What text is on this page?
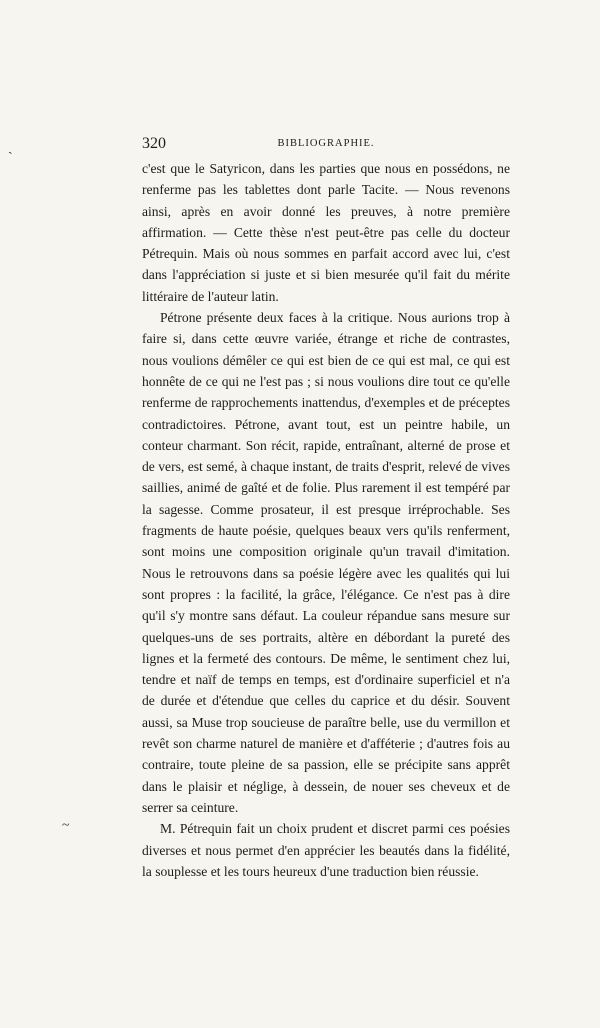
320	BIBLIOGRAPHIE.

c'est que le Satyricon, dans les parties que nous en possédons, ne renferme pas les tablettes dont parle Tacite. — Nous revenons ainsi, après en avoir donné les preuves, à notre première affirmation. — Cette thèse n'est peut-être pas celle du docteur Pétrequin. Mais où nous sommes en parfait accord avec lui, c'est dans l'appréciation si juste et si bien mesurée qu'il fait du mérite littéraire de l'auteur latin.

Pétrone présente deux faces à la critique. Nous aurions trop à faire si, dans cette œuvre variée, étrange et riche de contrastes, nous voulions démêler ce qui est bien de ce qui est mal, ce qui est honnête de ce qui ne l'est pas ; si nous voulions dire tout ce qu'elle renferme de rapprochements inattendus, d'exemples et de préceptes contradictoires. Pétrone, avant tout, est un peintre habile, un conteur charmant. Son récit, rapide, entraînant, alterné de prose et de vers, est semé, à chaque instant, de traits d'esprit, relevé de vives saillies, animé de gaîté et de folie. Plus rarement il est tempéré par la sagesse. Comme prosateur, il est presque irréprochable. Ses fragments de haute poésie, quelques beaux vers qu'ils renferment, sont moins une composition originale qu'un travail d'imitation. Nous le retrouvons dans sa poésie légère avec les qualités qui lui sont propres : la facilité, la grâce, l'élégance. Ce n'est pas à dire qu'il s'y montre sans défaut. La couleur répandue sans mesure sur quelques-uns de ses portraits, altère en débordant la pureté des lignes et la fermeté des contours. De même, le sentiment chez lui, tendre et naïf de temps en temps, est d'ordinaire superficiel et n'a de durée et d'étendue que celles du caprice et du désir. Souvent aussi, sa Muse trop soucieuse de paraître belle, use du vermillon et revêt son charme naturel de manière et d'afféterie ; d'autres fois au contraire, toute pleine de sa passion, elle se précipite sans apprêt dans le plaisir et néglige, à dessein, de nouer ses cheveux et de serrer sa ceinture.

M. Pétrequin fait un choix prudent et discret parmi ces poésies diverses et nous permet d'en apprécier les beautés dans la fidélité, la souplesse et les tours heureux d'une traduction bien réussie.

ˏ
~
